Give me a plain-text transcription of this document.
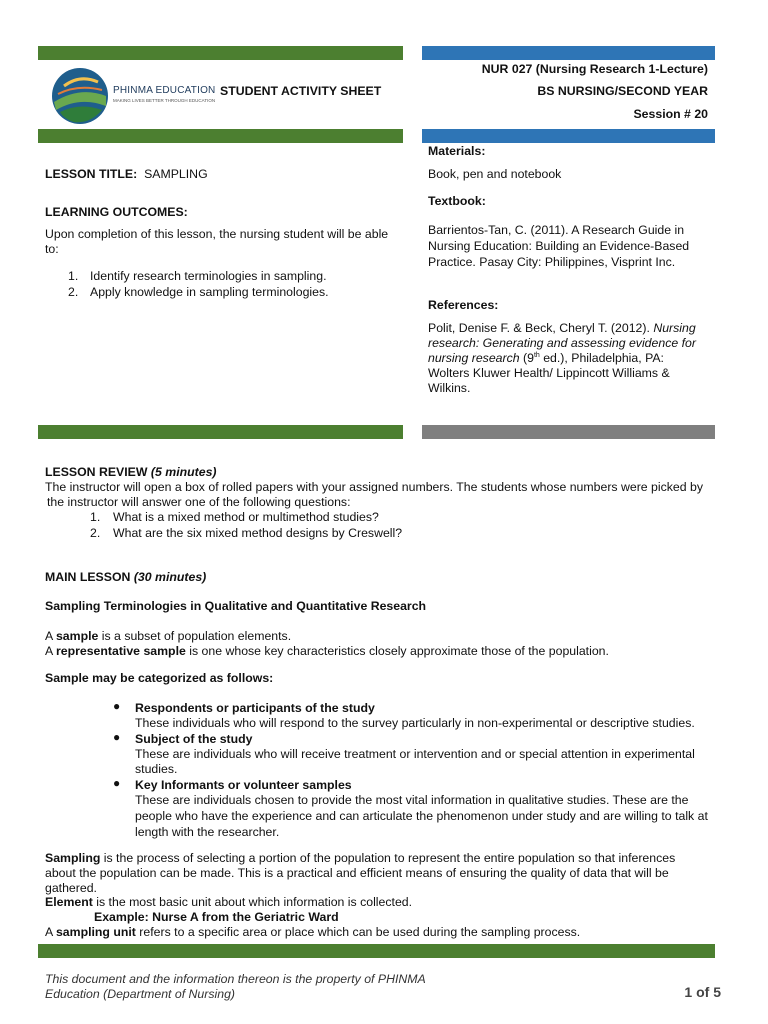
PHINMA EDUCATION
MAKING LIVES BETTER THROUGH EDUCATION
STUDENT ACTIVITY SHEET
NUR 027 (Nursing Research 1-Lecture)
BS NURSING/SECOND YEAR
Session # 20
LESSON TITLE: SAMPLING
LEARNING OUTCOMES:
Upon completion of this lesson, the nursing student will be able
to:
1. Identify research terminologies in sampling.
2. Apply knowledge in sampling terminologies.
Materials:
Book, pen and notebook
Textbook:
Barrientos-Tan, C. (2011). A Research Guide in
Nursing Education: Building an Evidence-Based
Practice. Pasay City: Philippines, Visprint Inc.
References:
Polit, Denise F. & Beck, Cheryl T. (2012). Nursing
research: Generating and assessing evidence for
nursing research (9th ed.), Philadelphia, PA:
Wolters Kluwer Health/ Lippincott Williams &
Wilkins.
LESSON REVIEW (5 minutes)
The instructor will open a box of rolled papers with your assigned numbers. The students whose numbers were picked by
the instructor will answer one of the following questions:
1. What is a mixed method or multimethod studies?
2. What are the six mixed method designs by Creswell?
MAIN LESSON (30 minutes)
Sampling Terminologies in Qualitative and Quantitative Research
A sample is a subset of population elements.
A representative sample is one whose key characteristics closely approximate those of the population.
Sample may be categorized as follows:
● Respondents or participants of the study
These individuals who will respond to the survey particularly in non-experimental or descriptive studies.
● Subject of the study
These are individuals who will receive treatment or intervention and or special attention in experimental
studies.
● Key Informants or volunteer samples
These are individuals chosen to provide the most vital information in qualitative studies. These are the
people who have the experience and can articulate the phenomenon under study and are willing to talk at
length with the researcher.
Sampling is the process of selecting a portion of the population to represent the entire population so that inferences
about the population can be made. This is a practical and efficient means of ensuring the quality of data that will be
gathered.
Element is the most basic unit about which information is collected.
Example: Nurse A from the Geriatric Ward
A sampling unit refers to a specific area or place which can be used during the sampling process.
This document and the information thereon is the property of PHINMA
Education (Department of Nursing)	1 of 5
